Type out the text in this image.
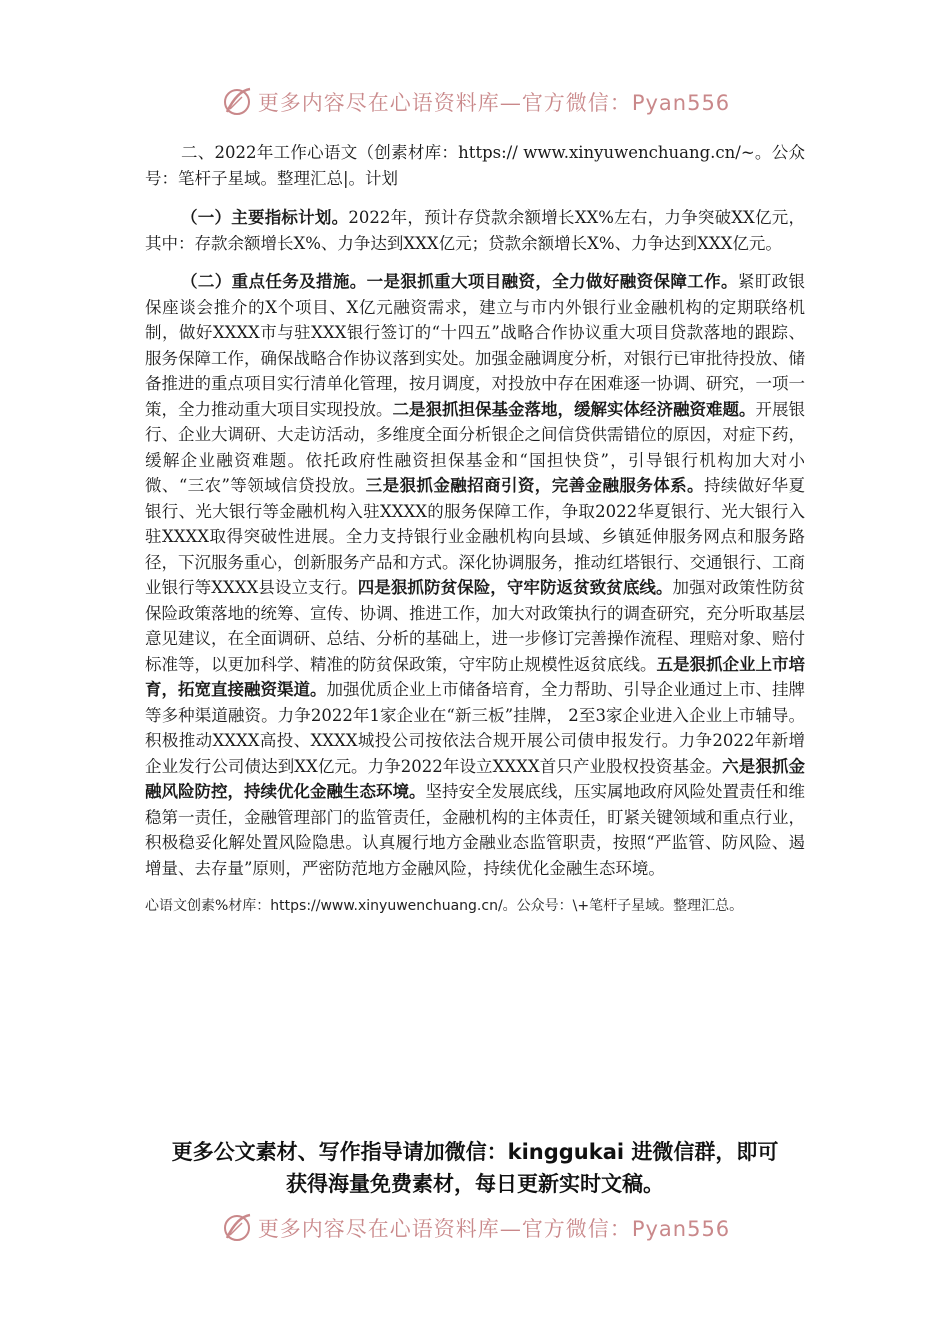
更多内容尽在心语资料库—官方微信：Pyan556

二、2022年工作心语文（创素材库：https:// www.xinyuwenchuang.cn/~。公众号：笔杆子星域。整理汇总|。计划

（一）主要指标计划。2022年，预计存贷款余额增长XX%左右，力争突破XX亿元，其中：存款余额增长X%、力争达到XXX亿元；贷款余额增长X%、力争达到XXX亿元。

（二）重点任务及措施。一是狠抓重大项目融资，全力做好融资保障工作。紧盯政银保座谈会推介的X个项目、X亿元融资需求，建立与市内外银行业金融机构的定期联络机制，做好XXXX市与驻XXX银行签订的“十四五”战略合作协议重大项目贷款落地的跟踪、服务保障工作，确保战略合作协议落到实处。加强金融调度分析，对银行已审批待投放、储备推进的重点项目实行清单化管理，按月调度，对投放中存在困难逐一协调、研究，一项一策，全力推动重大项目实现投放。二是狠抓担保基金落地，缓解实体经济融资难题。开展银行、企业大调研、大走访活动，多维度全面分析银企之间信贷供需错位的原因，对症下药，缓解企业融资难题。依托政府性融资担保基金和“国担快贷”，引导银行机构加大对小微、“三农”等领域信贷投放。三是狠抓金融招商引资，完善金融服务体系。持续做好华夏银行、光大银行等金融机构入驻XXXX的服务保障工作，争取2022华夏银行、光大银行入驻XXXX取得突破性进展。全力支持银行业金融机构向县域、乡镇延伸服务网点和服务路径，下沉服务重心，创新服务产品和方式。深化协调服务，推动红塔银行、交通银行、工商业银行等XXXX县设立支行。四是狠抓防贫保险，守牢防返贫致贫底线。加强对政策性防贫保险政策落地的统筹、宣传、协调、推进工作，加大对政策执行的调查研究，充分听取基层意见建议，在全面调研、总结、分析的基础上，进一步修订完善操作流程、理赔对象、赔付标准等，以更加科学、精准的防贫保政策，守牢防止规模性返贫底线。五是狠抓企业上市培育，拓宽直接融资渠道。加强优质企业上市储备培育，全力帮助、引导企业通过上市、挂牌等多种渠道融资。力争2022年1家企业在“新三板”挂牌， 2至3家企业进入企业上市辅导。积极推动XXXX高投、XXXX城投公司按依法合规开展公司债申报发行。力争2022年新增企业发行公司债达到XX亿元。力争2022年设立XXXX首只产业股权投资基金。六是狠抓金融风险防控，持续优化金融生态环境。坚持安全发展底线，压实属地政府风险处置责任和维稳第一责任，金融管理部门的监管责任，金融机构的主体责任，盯紧关键领域和重点行业，积极稳妥化解处置风险隐患。认真履行地方金融业态监管职责，按照“严监管、防风险、遏增量、去存量”原则，严密防范地方金融风险，持续优化金融生态环境。

心语文创素%材库：https://www.xinyuwenchuang.cn/。公众号：\+笔杆子星域。整理汇总。

更多公文素材、写作指导请加微信：kinggukai 进微信群，即可
获得海量免费素材，每日更新实时文稿。
更多内容尽在心语资料库—官方微信：Pyan556
